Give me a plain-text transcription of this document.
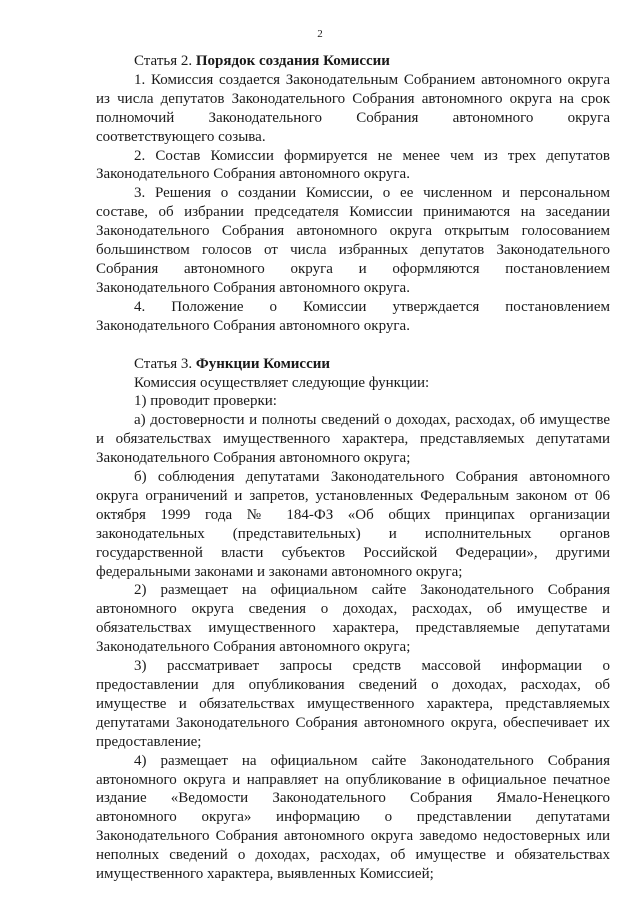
2

Статья 2. Порядок создания Комиссии

1. Комиссия создается Законодательным Собранием автономного округа из числа депутатов Законодательного Собрания автономного округа на срок полномочий Законодательного Собрания автономного округа соответствующего созыва.

2. Состав Комиссии формируется не менее чем из трех депутатов Законодательного Собрания автономного округа.

3. Решения о создании Комиссии, о ее численном и персональном составе, об избрании председателя Комиссии принимаются на заседании Законодательного Собрания автономного округа открытым голосованием большинством голосов от числа избранных депутатов Законодательного Собрания автономного округа и оформляются постановлением Законодательного Собрания автономного округа.

4. Положение о Комиссии утверждается постановлением Законодательного Собрания автономного округа.

Статья 3. Функции Комиссии

Комиссия осуществляет следующие функции:

1) проводит проверки:

а) достоверности и полноты сведений о доходах, расходах, об имуществе и обязательствах имущественного характера, представляемых депутатами Законодательного Собрания автономного округа;

б) соблюдения депутатами Законодательного Собрания автономного округа ограничений и запретов, установленных Федеральным законом от 06 октября 1999 года № 184-ФЗ «Об общих принципах организации законодательных (представительных) и исполнительных органов государственной власти субъектов Российской Федерации», другими федеральными законами и законами автономного округа;

2) размещает на официальном сайте Законодательного Собрания автономного округа сведения о доходах, расходах, об имуществе и обязательствах имущественного характера, представляемые депутатами Законодательного Собрания автономного округа;

3) рассматривает запросы средств массовой информации о предоставлении для опубликования сведений о доходах, расходах, об имуществе и обязательствах имущественного характера, представляемых депутатами Законодательного Собрания автономного округа, обеспечивает их предоставление;

4) размещает на официальном сайте Законодательного Собрания автономного округа и направляет на опубликование в официальное печатное издание «Ведомости Законодательного Собрания Ямало-Ненецкого автономного округа» информацию о представлении депутатами Законодательного Собрания автономного округа заведомо недостоверных или неполных сведений о доходах, расходах, об имуществе и обязательствах имущественного характера, выявленных Комиссией;
